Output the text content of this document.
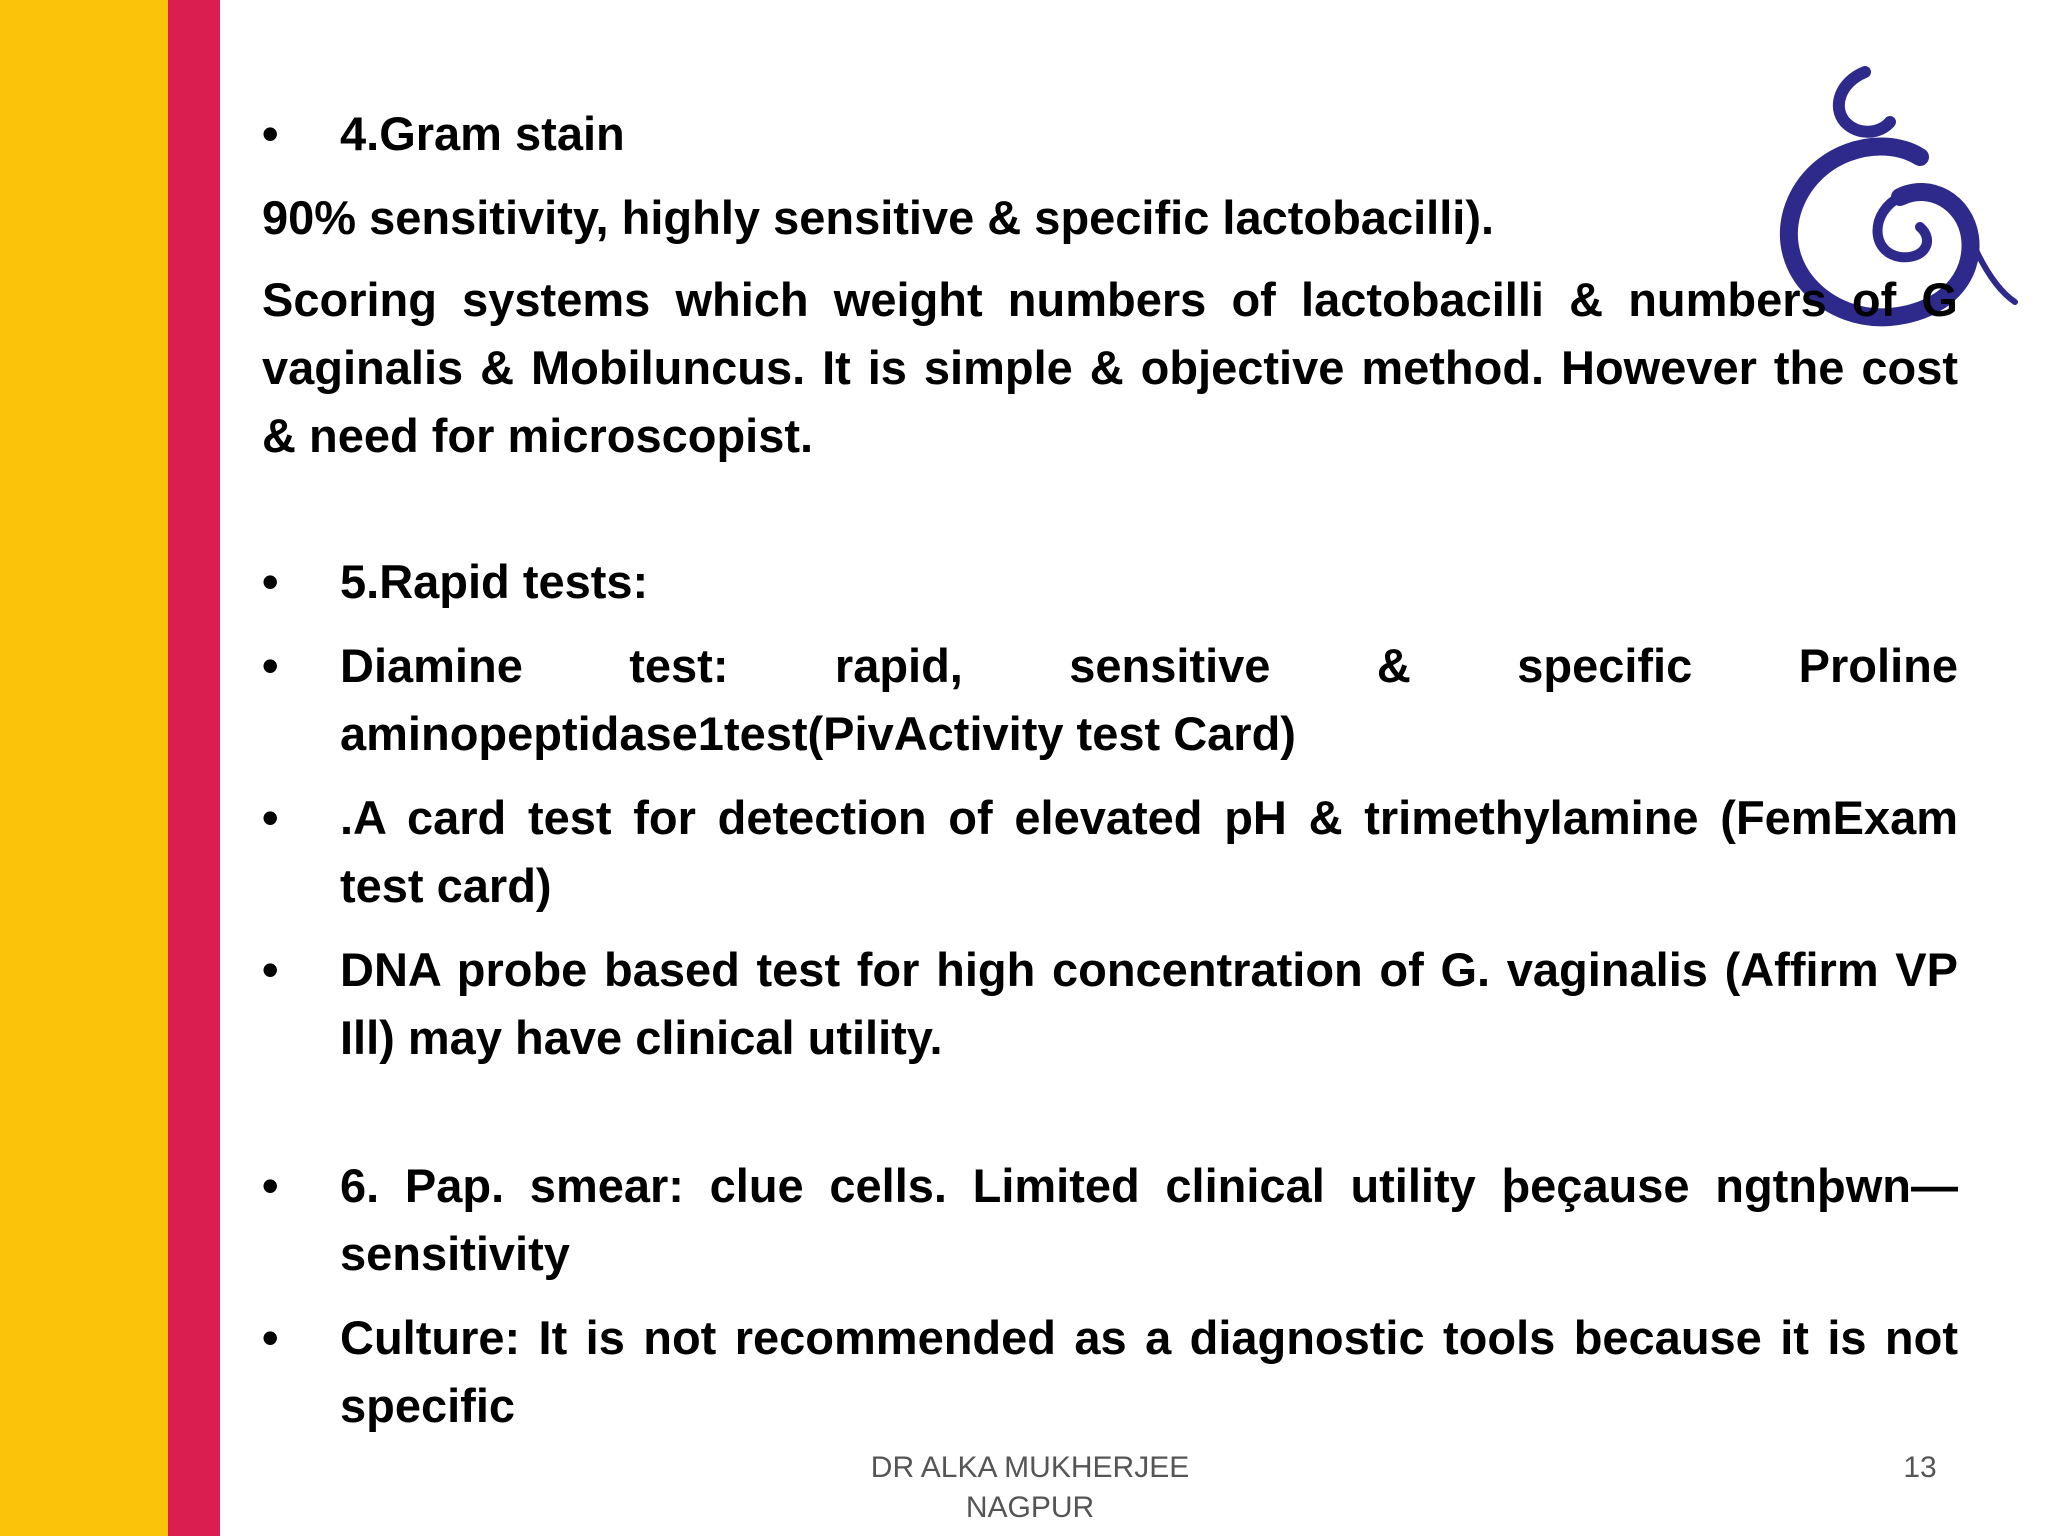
•	4.Gram stain
90% sensitivity, highly sensitive & specific lactobacilli).
Scoring systems which weight numbers of lactobacilli & numbers of G vaginalis & Mobiluncus. It is simple & objective method. However the cost & need for microscopist.
•	5.Rapid tests:
•	Diamine test: rapid, sensitive & specific Proline aminopeptidase1test(PivActivity test Card)
•	.A card test for detection of elevated pH & trimethylamine (FemExam test card)
•	DNA probe based test for high concentration of G. vaginalis (Affirm VP Ill) may have clinical utility.
•	6. Pap. smear: clue cells. Limited clinical utility þeçause ngtnþwn— sensitivity
•	Culture: It is not recommended as a diagnostic tools because it is not specific
DR ALKA MUKHERJEE NAGPUR
13
